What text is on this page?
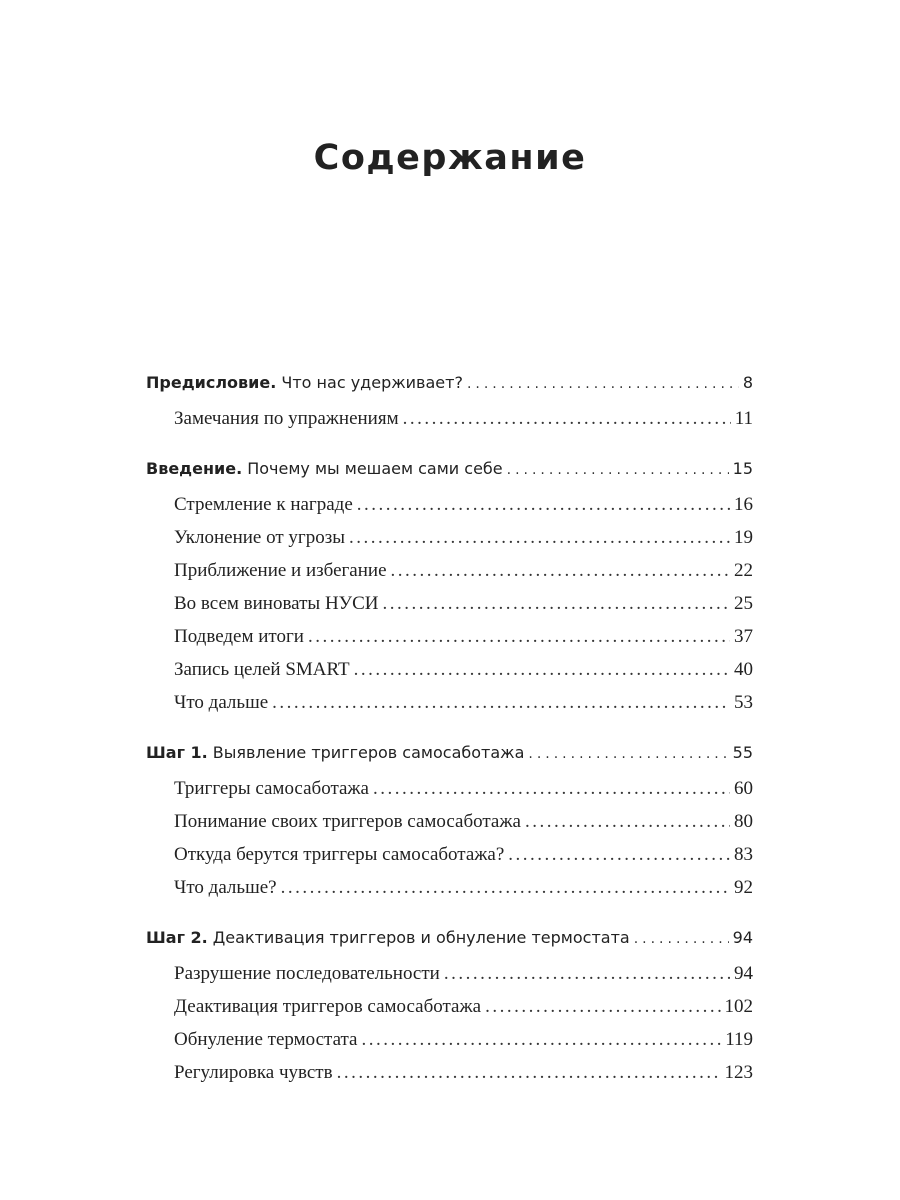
Содержание
Предисловие. Что нас удерживает? .....	8
Замечания по упражнениям .....	11
Введение. Почему мы мешаем сами себе .....	15
Стремление к награде .....	16
Уклонение от угрозы .....	19
Приближение и избегание .....	22
Во всем виноваты НУСИ .....	25
Подведем итоги .....	37
Запись целей SMART .....	40
Что дальше .....	53
Шаг 1. Выявление триггеров самосаботажа .....	55
Триггеры самосаботажа .....	60
Понимание своих триггеров самосаботажа .....	80
Откуда берутся триггеры самосаботажа? .....	83
Что дальше? .....	92
Шаг 2. Деактивация триггеров и обнуление термостата .....	94
Разрушение последовательности .....	94
Деактивация триггеров самосаботажа .....	102
Обнуление термостата .....	119
Регулировка чувств .....	123
